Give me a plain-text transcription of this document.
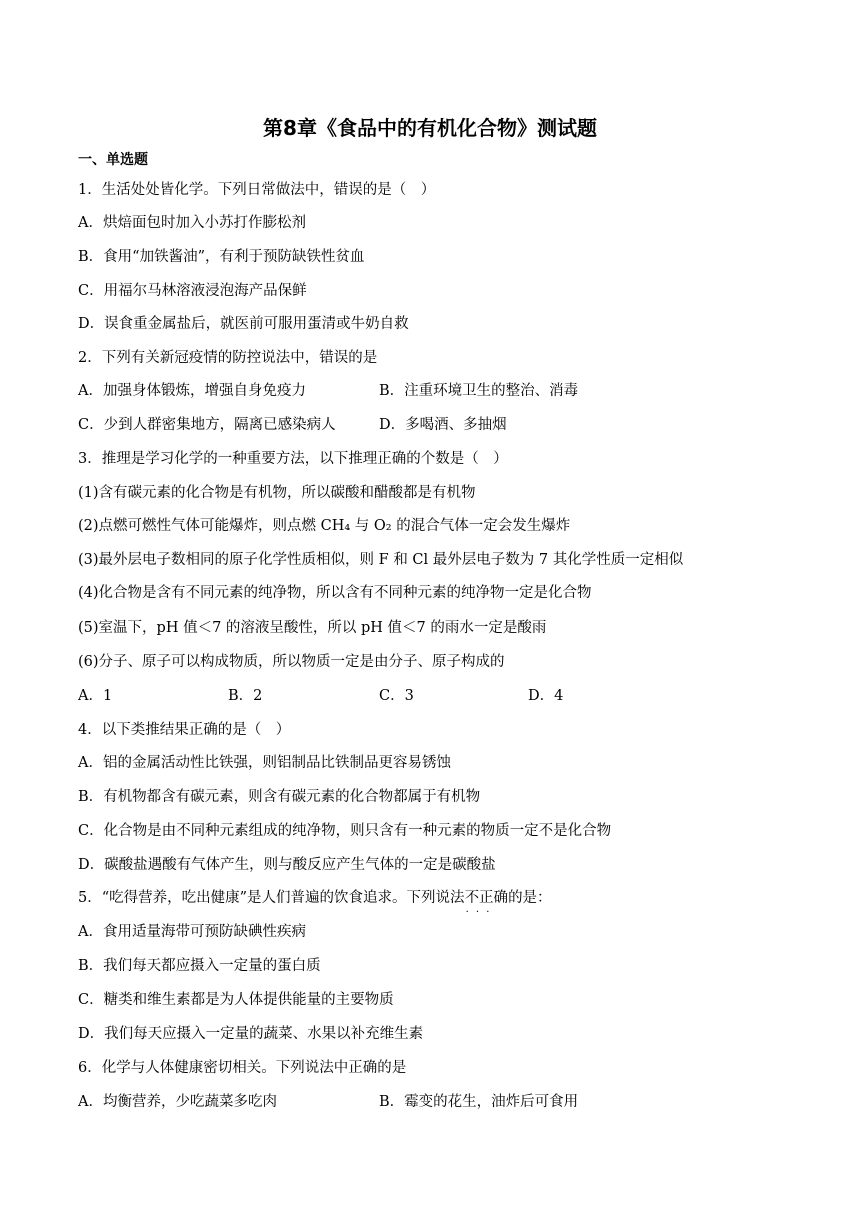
第8章《食品中的有机化合物》测试题
一、单选题
1．生活处处皆化学。下列日常做法中，错误的是（　）
A．烘焙面包时加入小苏打作膨松剂
B．食用“加铁酱油”，有利于预防缺铁性贫血
C．用福尔马林溶液浸泡海产品保鲜
D．误食重金属盐后，就医前可服用蛋清或牛奶自救
2．下列有关新冠疫情的防控说法中，错误的是
A．加强身体锻炼，增强自身免疫力	B．注重环境卫生的整治、消毒
C．少到人群密集地方，隔离已感染病人	D．多喝酒、多抽烟
3．推理是学习化学的一种重要方法，以下推理正确的个数是（　）
(1)含有碳元素的化合物是有机物，所以碳酸和醋酸都是有机物
(2)点燃可燃性气体可能爆炸，则点燃 CH₄ 与 O₂ 的混合气体一定会发生爆炸
(3)最外层电子数相同的原子化学性质相似，则 F 和 Cl 最外层电子数为 7 其化学性质一定相似
(4)化合物是含有不同元素的纯净物，所以含有不同种元素的纯净物一定是化合物
(5)室温下，pH 值＜7 的溶液呈酸性，所以 pH 值＜7 的雨水一定是酸雨
(6)分子、原子可以构成物质，所以物质一定是由分子、原子构成的
A．1	B．2	C．3	D．4
4．以下类推结果正确的是（　）
A．铝的金属活动性比铁强，则铝制品比铁制品更容易锈蚀
B．有机物都含有碳元素，则含有碳元素的化合物都属于有机物
C．化合物是由不同种元素组成的纯净物，则只含有一种元素的物质一定不是化合物
D．碳酸盐遇酸有气体产生，则与酸反应产生气体的一定是碳酸盐
5．“吃得营养，吃出健康”是人们普遍的饮食追求。下列说法不正确 · · ·的是：
A．食用适量海带可预防缺碘性疾病
B．我们每天都应摄入一定量的蛋白质
C．糖类和维生素都是为人体提供能量的主要物质
D．我们每天应摄入一定量的蔬菜、水果以补充维生素
6．化学与人体健康密切相关。下列说法中正确的是
A．均衡营养，少吃蔬菜多吃肉	B．霉变的花生，油炸后可食用
